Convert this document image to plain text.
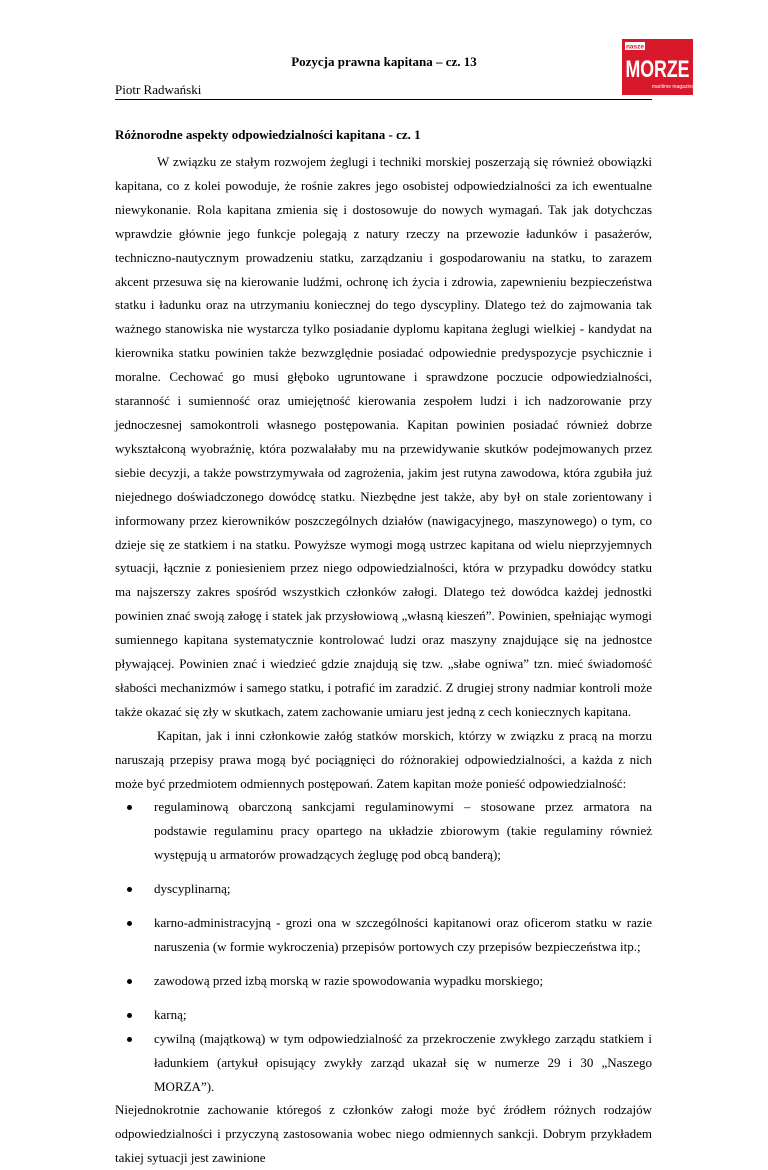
Pozycja prawna kapitana – cz. 13
nasze
MORZE
maritime magazine
Piotr Radwański

Różnorodne aspekty odpowiedzialności kapitana - cz. 1

W związku ze stałym rozwojem żeglugi i techniki morskiej poszerzają się również obowiązki kapitana, co z kolei powoduje, że rośnie zakres jego osobistej odpowiedzialności za ich ewentualne niewykonanie. Rola kapitana zmienia się i dostosowuje do nowych wymagań. Tak jak dotychczas wprawdzie głównie jego funkcje polegają z natury rzeczy na przewozie ładunków i pasażerów, techniczno-nautycznym prowadzeniu statku, zarządzaniu i gospodarowaniu na statku, to zarazem akcent przesuwa się na kierowanie ludźmi, ochronę ich życia i zdrowia, zapewnieniu bezpieczeństwa statku i ładunku oraz na utrzymaniu koniecznej do tego dyscypliny. Dlatego też do zajmowania tak ważnego stanowiska nie wystarcza tylko posiadanie dyplomu kapitana żeglugi wielkiej - kandydat na kierownika statku powinien także bezwzględnie posiadać odpowiednie predyspozycje psychicznie i moralne. Cechować go musi głęboko ugruntowane i sprawdzone poczucie odpowiedzialności, staranność i sumienność oraz umiejętność kierowania zespołem ludzi i ich nadzorowanie przy jednoczesnej samokontroli własnego postępowania. Kapitan powinien posiadać również dobrze wykształconą wyobraźnię, która pozwalałaby mu na przewidywanie skutków podejmowanych przez siebie decyzji, a także powstrzymywała od zagrożenia, jakim jest rutyna zawodowa, która zgubiła już niejednego doświadczonego dowódcę statku. Niezbędne jest także, aby był on stale zorientowany i informowany przez kierowników poszczególnych działów (nawigacyjnego, maszynowego) o tym, co dzieje się ze statkiem i na statku. Powyższe wymogi mogą ustrzec kapitana od wielu nieprzyjemnych sytuacji, łącznie z poniesieniem przez niego odpowiedzialności, która w przypadku dowódcy statku ma najszerszy zakres spośród wszystkich członków załogi. Dlatego też dowódca każdej jednostki powinien znać swoją załogę i statek jak przysłowiową „własną kieszeń”. Powinien, spełniając wymogi sumiennego kapitana systematycznie kontrolować ludzi oraz maszyny znajdujące się na jednostce pływającej. Powinien znać i wiedzieć gdzie znajdują się tzw. „słabe ogniwa” tzn. mieć świadomość słabości mechanizmów i samego statku, i potrafić im zaradzić. Z drugiej strony nadmiar kontroli może także okazać się zły w skutkach, zatem zachowanie umiaru jest jedną z cech koniecznych kapitana.

Kapitan, jak i inni członkowie załóg statków morskich, którzy w związku z pracą na morzu naruszają przepisy prawa mogą być pociągnięci do różnorakiej odpowiedzialności, a każda z nich może być przedmiotem odmiennych postępowań. Zatem kapitan może ponieść odpowiedzialność:

regulaminową obarczoną sankcjami regulaminowymi – stosowane przez armatora na podstawie regulaminu pracy opartego na układzie zbiorowym (takie regulaminy również występują u armatorów prowadzących żeglugę pod obcą banderą);
dyscyplinarną;
karno-administracyjną - grozi ona w szczególności kapitanowi oraz oficerom statku w razie naruszenia (w formie wykroczenia) przepisów portowych czy przepisów bezpieczeństwa itp.;
zawodową przed izbą morską w razie spowodowania wypadku morskiego;
karną;
cywilną (majątkową) w tym odpowiedzialność za przekroczenie zwykłego zarządu statkiem i ładunkiem (artykuł opisujący zwykły zarząd ukazał się w numerze 29 i 30 „Naszego MORZA”).

Niejednokrotnie zachowanie któregoś z członków załogi może być źródłem różnych rodzajów odpowiedzialności i przyczyną zastosowania wobec niego odmiennych sankcji. Dobrym przykładem takiej sytuacji jest zawinione
